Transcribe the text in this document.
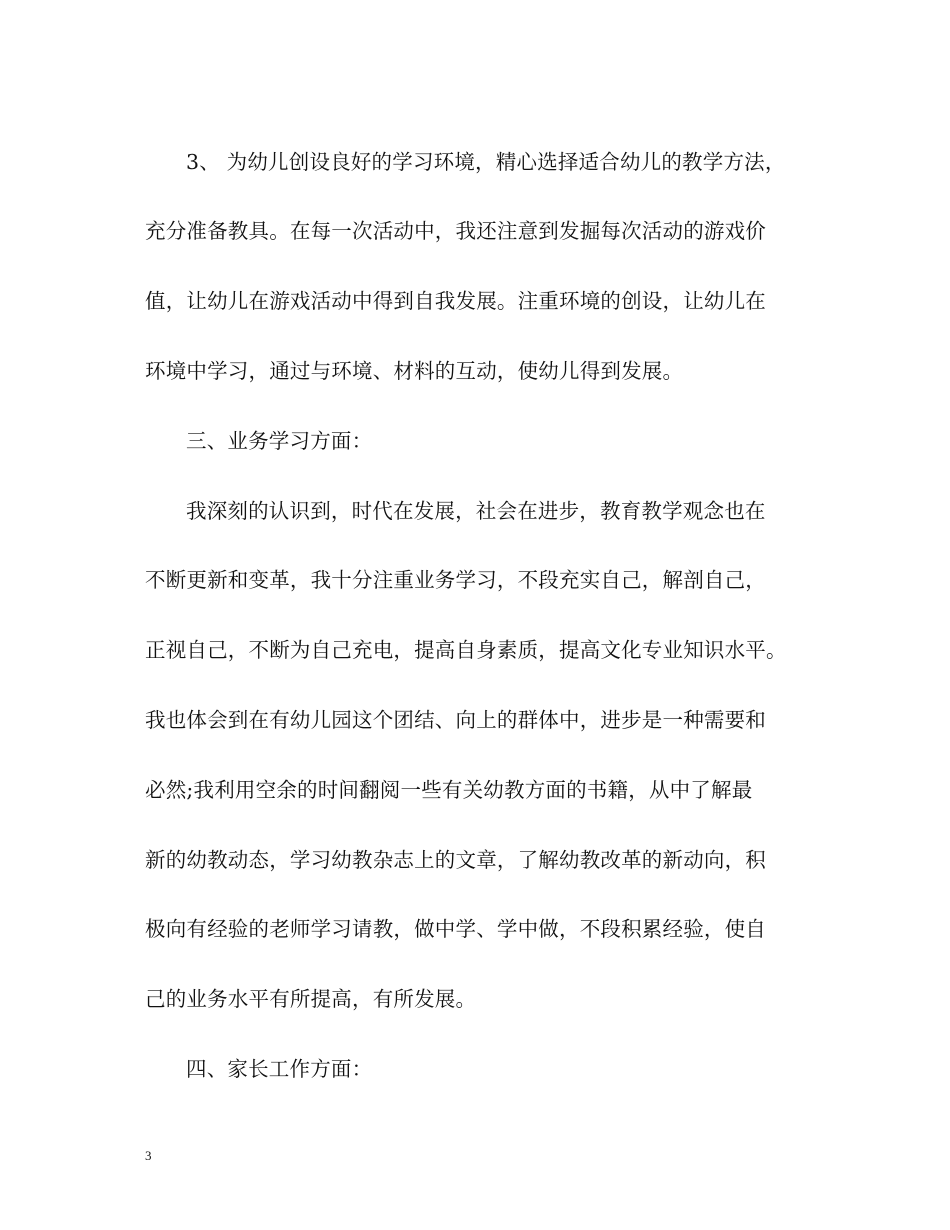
3、 为幼儿创设良好的学习环境，精心选择适合幼儿的教学方法，
充分准备教具。在每一次活动中，我还注意到发掘每次活动的游戏价
值，让幼儿在游戏活动中得到自我发展。注重环境的创设，让幼儿在
环境中学习，通过与环境、材料的互动，使幼儿得到发展。
三、业务学习方面：
我深刻的认识到，时代在发展，社会在进步，教育教学观念也在
不断更新和变革，我十分注重业务学习，不段充实自己，解剖自己，
正视自己，不断为自己充电，提高自身素质，提高文化专业知识水平。
我也体会到在有幼儿园这个团结、向上的群体中，进步是一种需要和
必然;我利用空余的时间翻阅一些有关幼教方面的书籍，从中了解最
新的幼教动态，学习幼教杂志上的文章，了解幼教改革的新动向，积
极向有经验的老师学习请教，做中学、学中做，不段积累经验，使自
己的业务水平有所提高，有所发展。
四、家长工作方面：
3
